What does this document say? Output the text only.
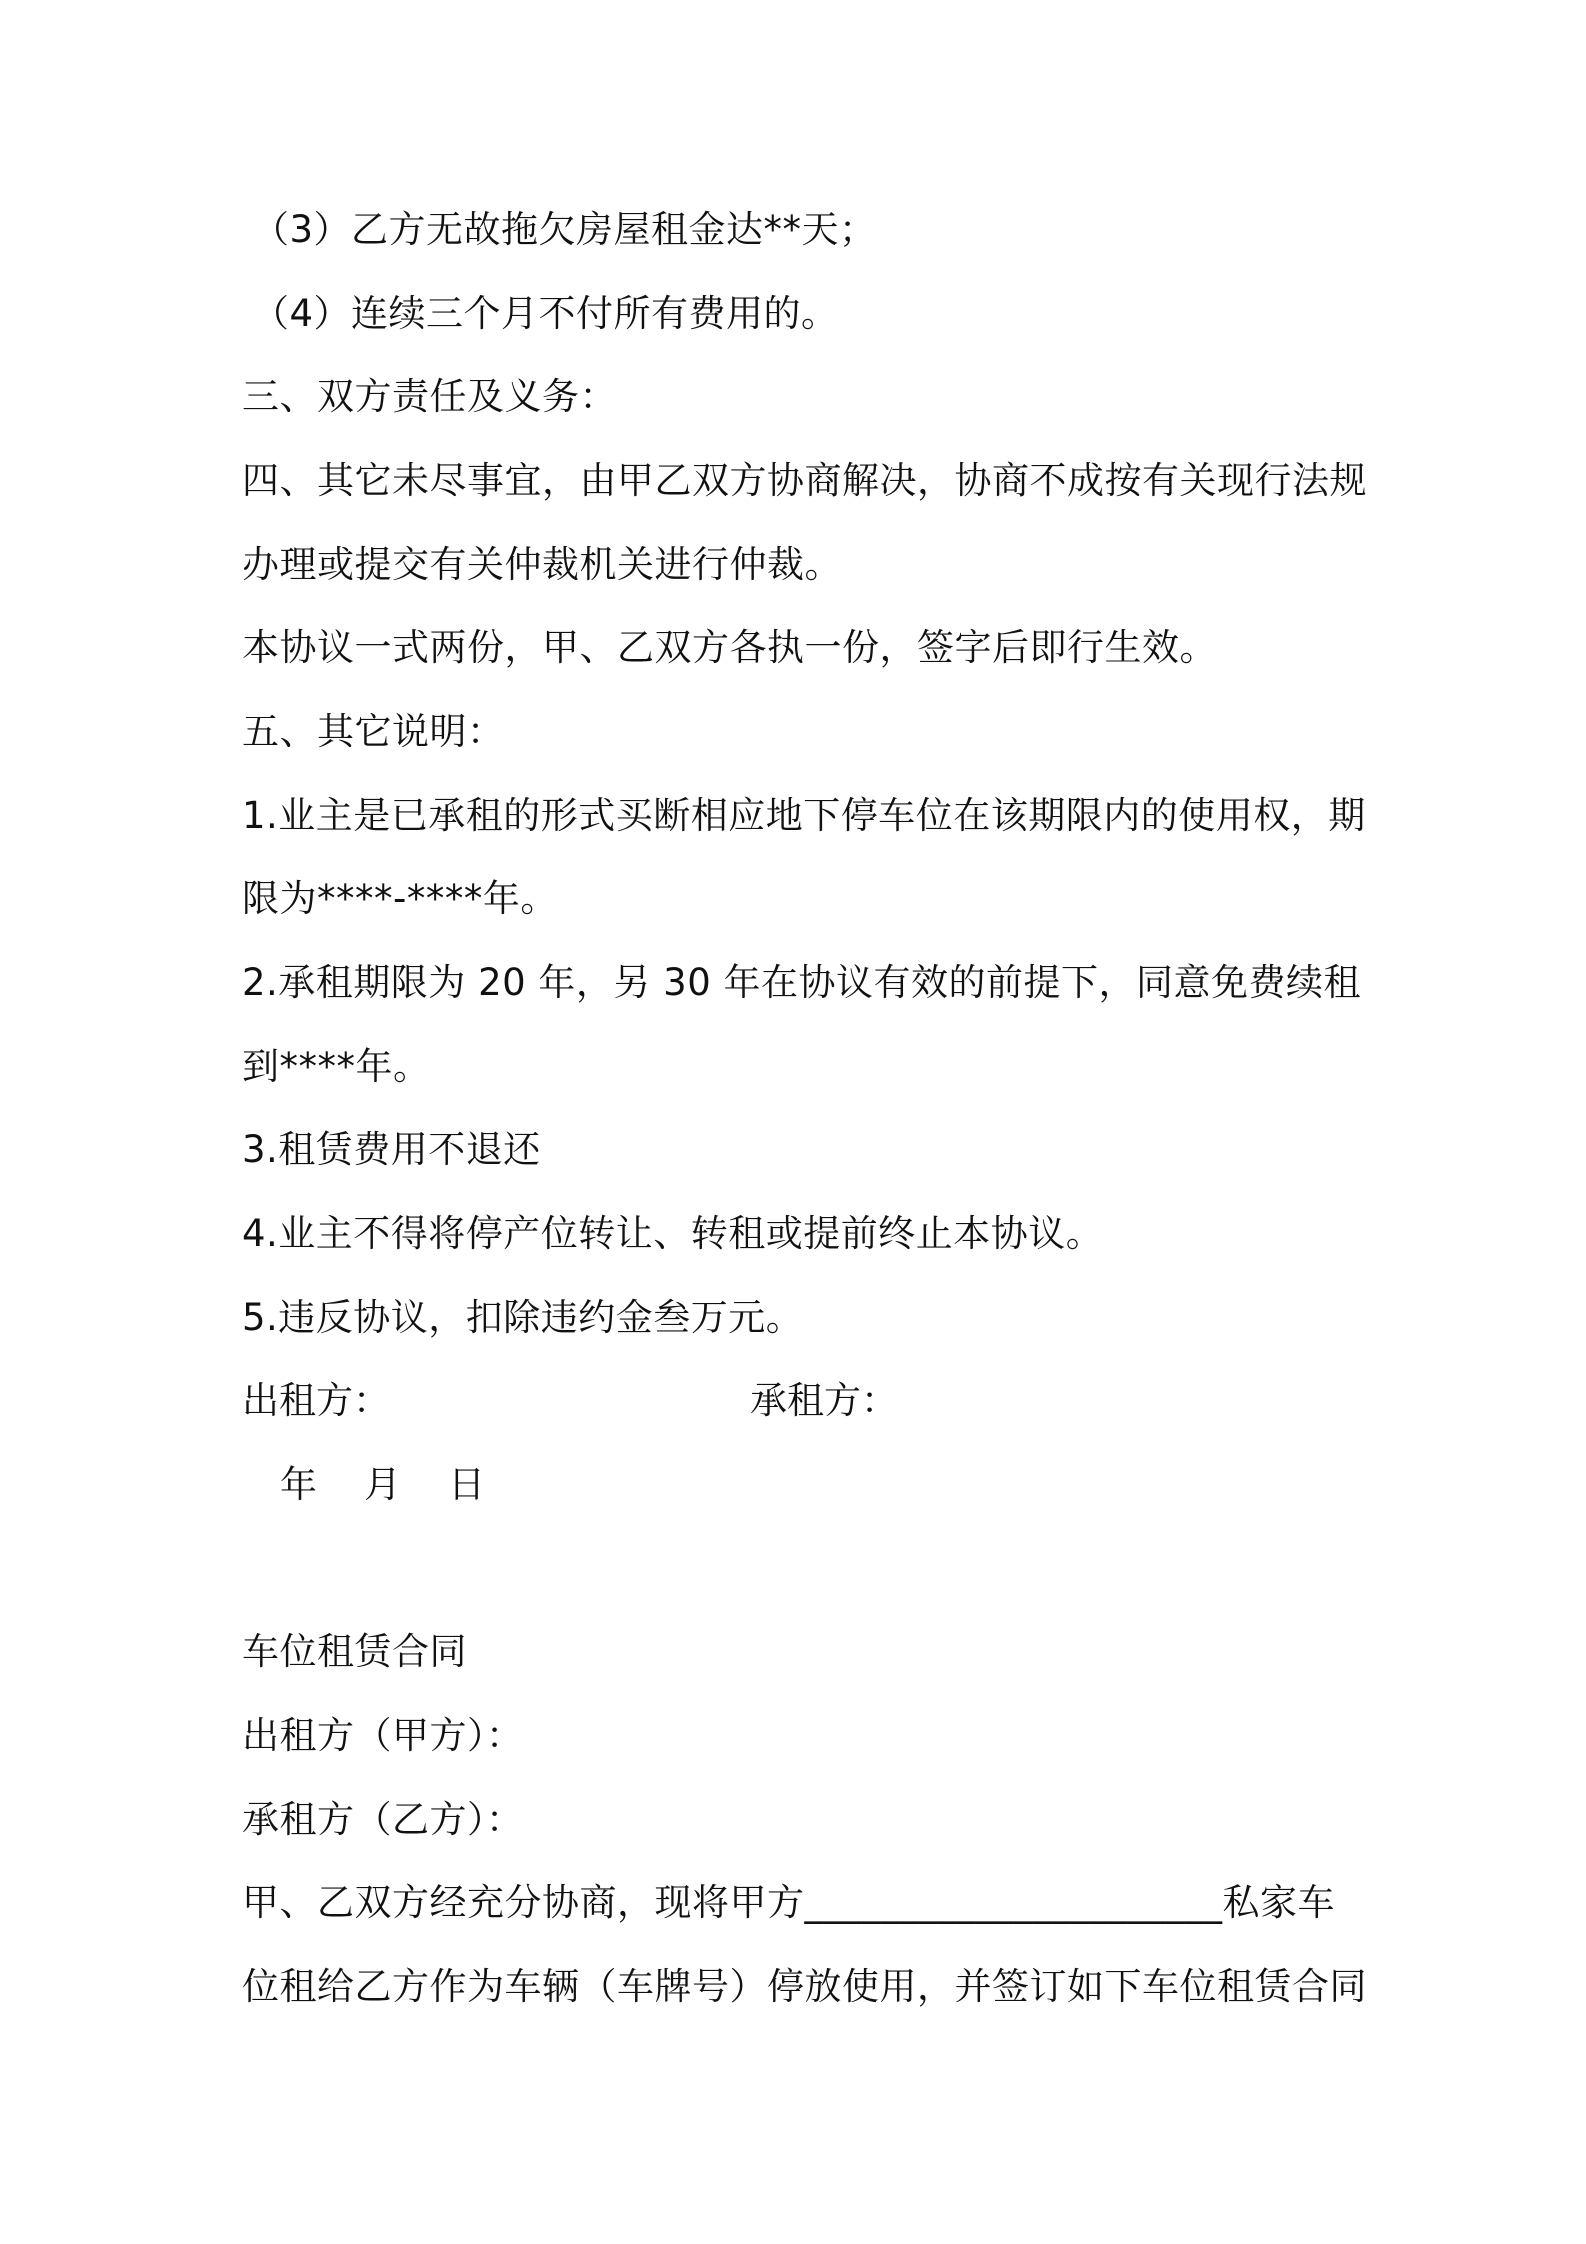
（3）乙方无故拖欠房屋租金达**天；
（4）连续三个月不付所有费用的。
三、双方责任及义务：
四、其它未尽事宜，由甲乙双方协商解决，协商不成按有关现行法规
办理或提交有关仲裁机关进行仲裁。
本协议一式两份，甲、乙双方各执一份，签字后即行生效。
五、其它说明：
1.业主是已承租的形式买断相应地下停车位在该期限内的使用权，期
限为****-****年。
2.承租期限为 20 年，另 30 年在协议有效的前提下，同意免费续租
到****年。
3.租赁费用不退还
4.业主不得将停产位转让、转租或提前终止本协议。
5.违反协议，扣除违约金叁万元。
出租方：	承租方：
年    月    日
车位租赁合同
出租方（甲方）：
承租方（乙方）：
甲、乙双方经充分协商，现将甲方______________________私家车
位租给乙方作为车辆（车牌号）停放使用，并签订如下车位租赁合同
